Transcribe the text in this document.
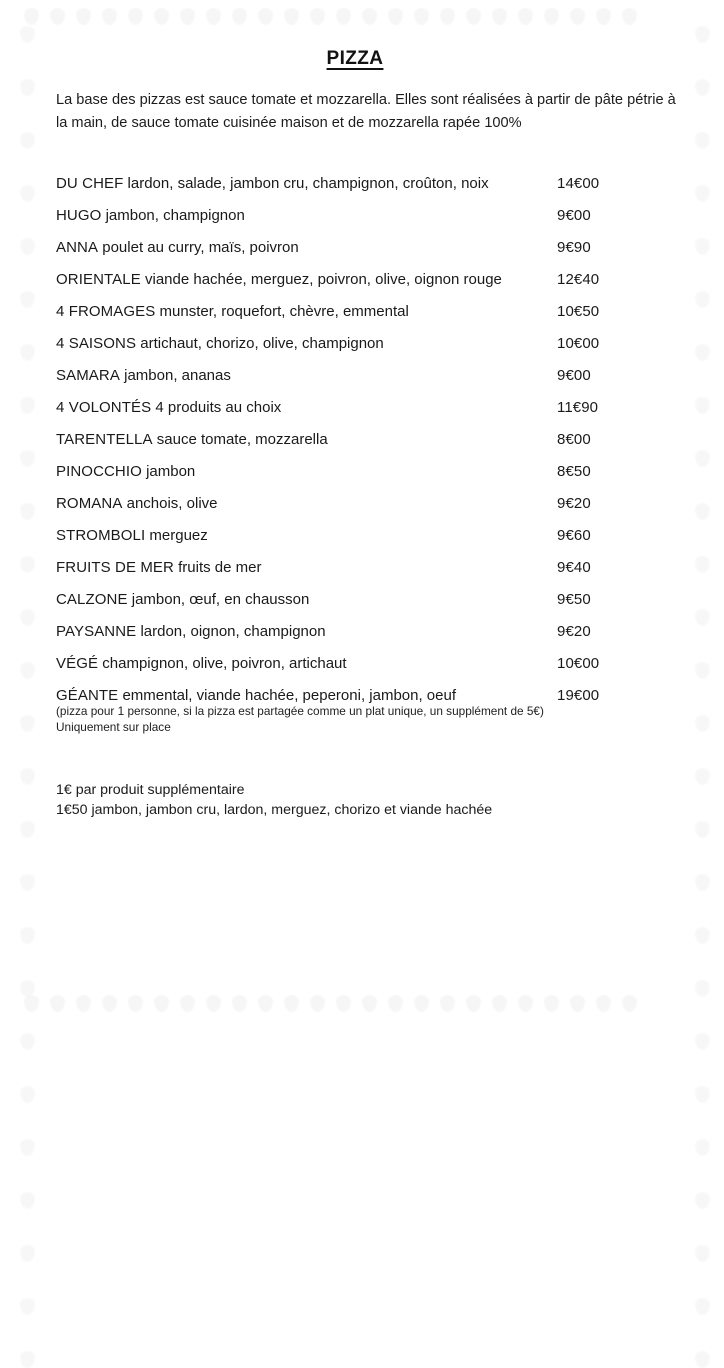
PIZZA

La base des pizzas est sauce tomate et mozzarella. Elles sont réalisées à partir de pâte pétrie à la main, de sauce tomate cuisinée maison et de mozzarella rapée 100%

DU CHEF lardon, salade, jambon cru, champignon, croûton, noix	14€00
HUGO jambon, champignon	9€00
ANNA poulet au curry, maïs, poivron	9€90
ORIENTALE viande hachée, merguez, poivron, olive, oignon rouge	12€40
4 FROMAGES munster, roquefort, chèvre, emmental	10€50
4 SAISONS artichaut, chorizo, olive, champignon	10€00
SAMARA jambon, ananas	9€00
4 VOLONTÉS 4 produits au choix	11€90
TARENTELLA sauce tomate, mozzarella	8€00
PINOCCHIO jambon	8€50
ROMANA anchois, olive	9€20
STROMBOLI merguez	9€60
FRUITS DE MER fruits de mer	9€40
CALZONE jambon, œuf, en chausson	9€50
PAYSANNE lardon, oignon, champignon	9€20
VÉGÉ champignon, olive, poivron, artichaut	10€00
GÉANTE emmental, viande hachée, peperoni, jambon, oeuf	19€00

(pizza pour 1 personne, si la pizza est partagée comme un plat unique, un supplément de 5€)

Uniquement sur place

1€ par produit supplémentaire

1€50 jambon, jambon cru, lardon, merguez, chorizo et viande hachée
